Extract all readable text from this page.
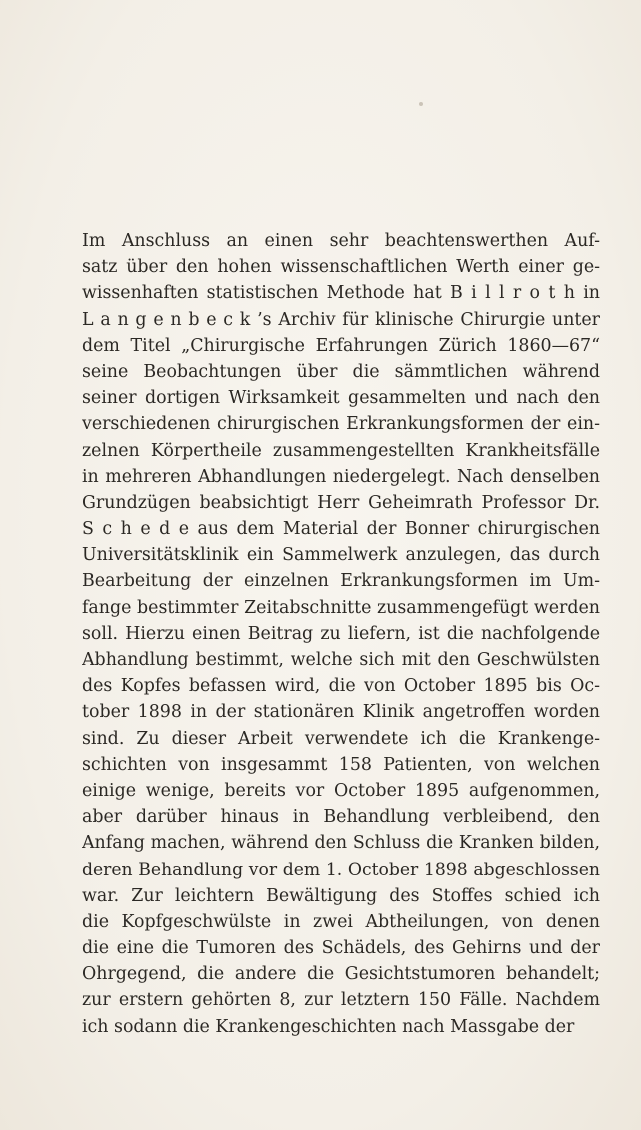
Im Anschluss an einen sehr beachtenswerthen Auf-
satz über den hohen wissenschaftlichen Werth einer ge-
wissenhaften statistischen Methode hat B i l l r o t h in
L a n g e n b e c k ’s Archiv für klinische Chirurgie unter
dem Titel „Chirurgische Erfahrungen Zürich 1860—67“
seine Beobachtungen über die sämmtlichen während
seiner dortigen Wirksamkeit gesammelten und nach den
verschiedenen chirurgischen Erkrankungsformen der ein-
zelnen Körpertheile zusammengestellten Krankheitsfälle
in mehreren Abhandlungen niedergelegt. Nach denselben
Grundzügen beabsichtigt Herr Geheimrath Professor Dr.
S c h e d e aus dem Material der Bonner chirurgischen
Universitätsklinik ein Sammelwerk anzulegen, das durch
Bearbeitung der einzelnen Erkrankungsformen im Um-
fange bestimmter Zeitabschnitte zusammengefügt werden
soll. Hierzu einen Beitrag zu liefern, ist die nachfolgende
Abhandlung bestimmt, welche sich mit den Geschwülsten
des Kopfes befassen wird, die von October 1895 bis Oc-
tober 1898 in der stationären Klinik angetroffen worden
sind. Zu dieser Arbeit verwendete ich die Krankenge-
schichten von insgesammt 158 Patienten, von welchen
einige wenige, bereits vor October 1895 aufgenommen,
aber darüber hinaus in Behandlung verbleibend, den
Anfang machen, während den Schluss die Kranken bilden,
deren Behandlung vor dem 1. October 1898 abgeschlossen
war. Zur leichtern Bewältigung des Stoffes schied ich
die Kopfgeschwülste in zwei Abtheilungen, von denen
die eine die Tumoren des Schädels, des Gehirns und der
Ohrgegend, die andere die Gesichtstumoren behandelt;
zur erstern gehörten 8, zur letztern 150 Fälle. Nachdem
ich sodann die Krankengeschichten nach Massgabe der
